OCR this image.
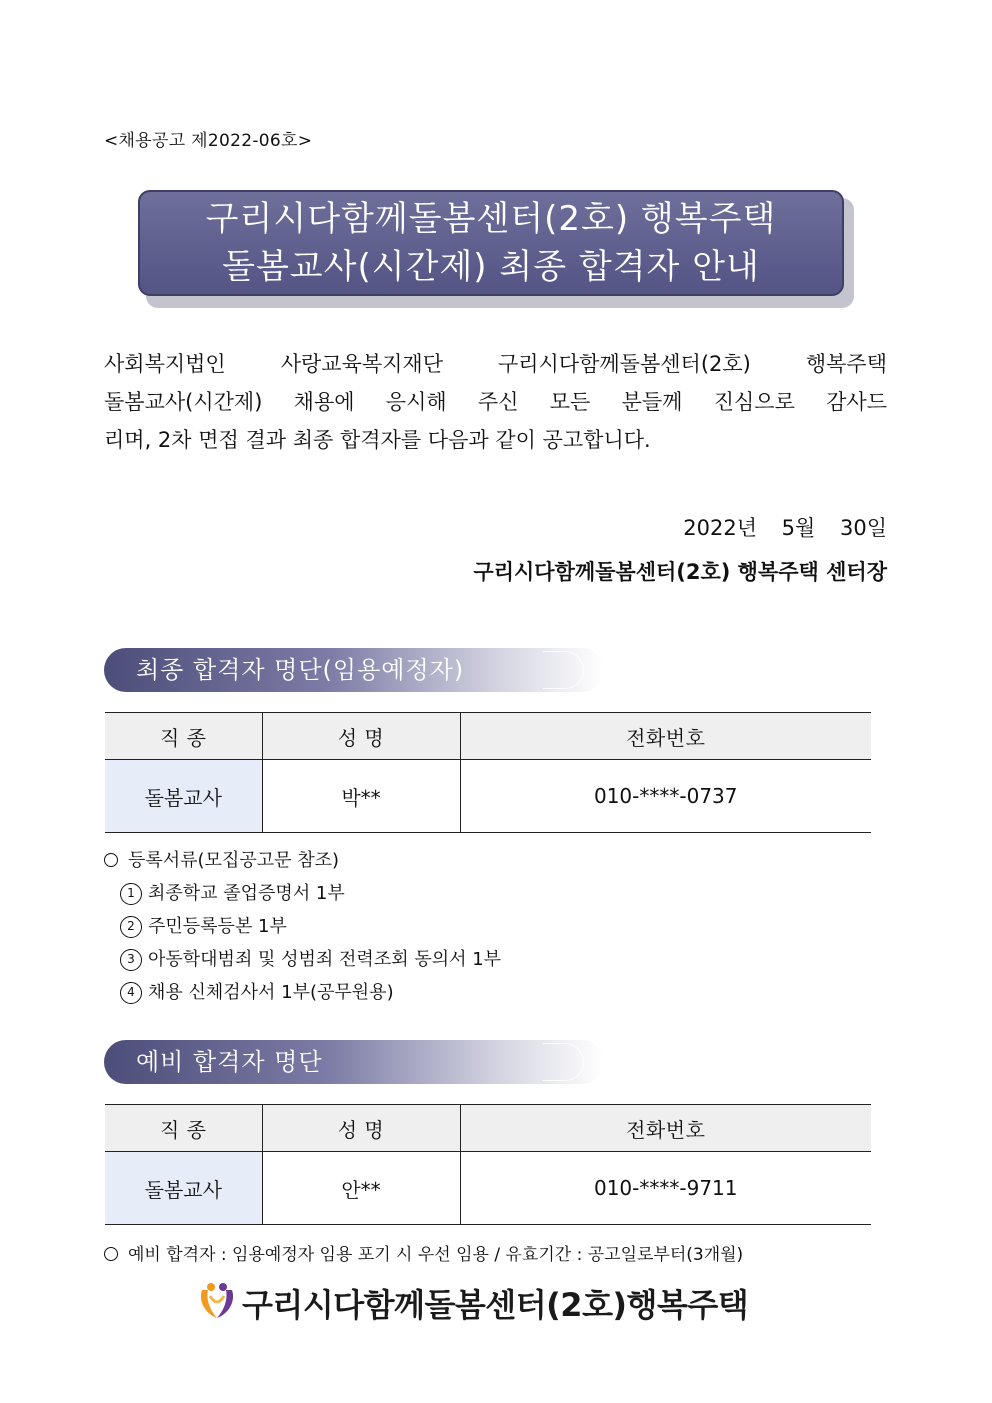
<채용공고 제2022-06호>
구리시다함께돌봄센터(2호) 행복주택
돌봄교사(시간제) 최종 합격자 안내
사회복지법인 사랑교육복지재단 구리시다함께돌봄센터(2호) 행복주택
돌봄교사(시간제) 채용에 응시해 주신 모든 분들께 진심으로 감사드
리며, 2차 면접 결과 최종 합격자를 다음과 같이 공고합니다.
2022년 5월 30일
구리시다함께돌봄센터(2호) 행복주택 센터장
최종 합격자 명단(임용예정자)
직 종	성 명	전화번호
돌봄교사	박**	010-****-0737
등록서류(모집공고문 참조)
1 최종학교 졸업증명서 1부
2 주민등록등본 1부
3 아동학대범죄 및 성범죄 전력조회 동의서 1부
4 채용 신체검사서 1부(공무원용)
예비 합격자 명단
직 종	성 명	전화번호
돌봄교사	안**	010-****-9711
예비 합격자 : 임용예정자 임용 포기 시 우선 임용 / 유효기간 : 공고일로부터(3개월)
구리시다함께돌봄센터(2호)행복주택
